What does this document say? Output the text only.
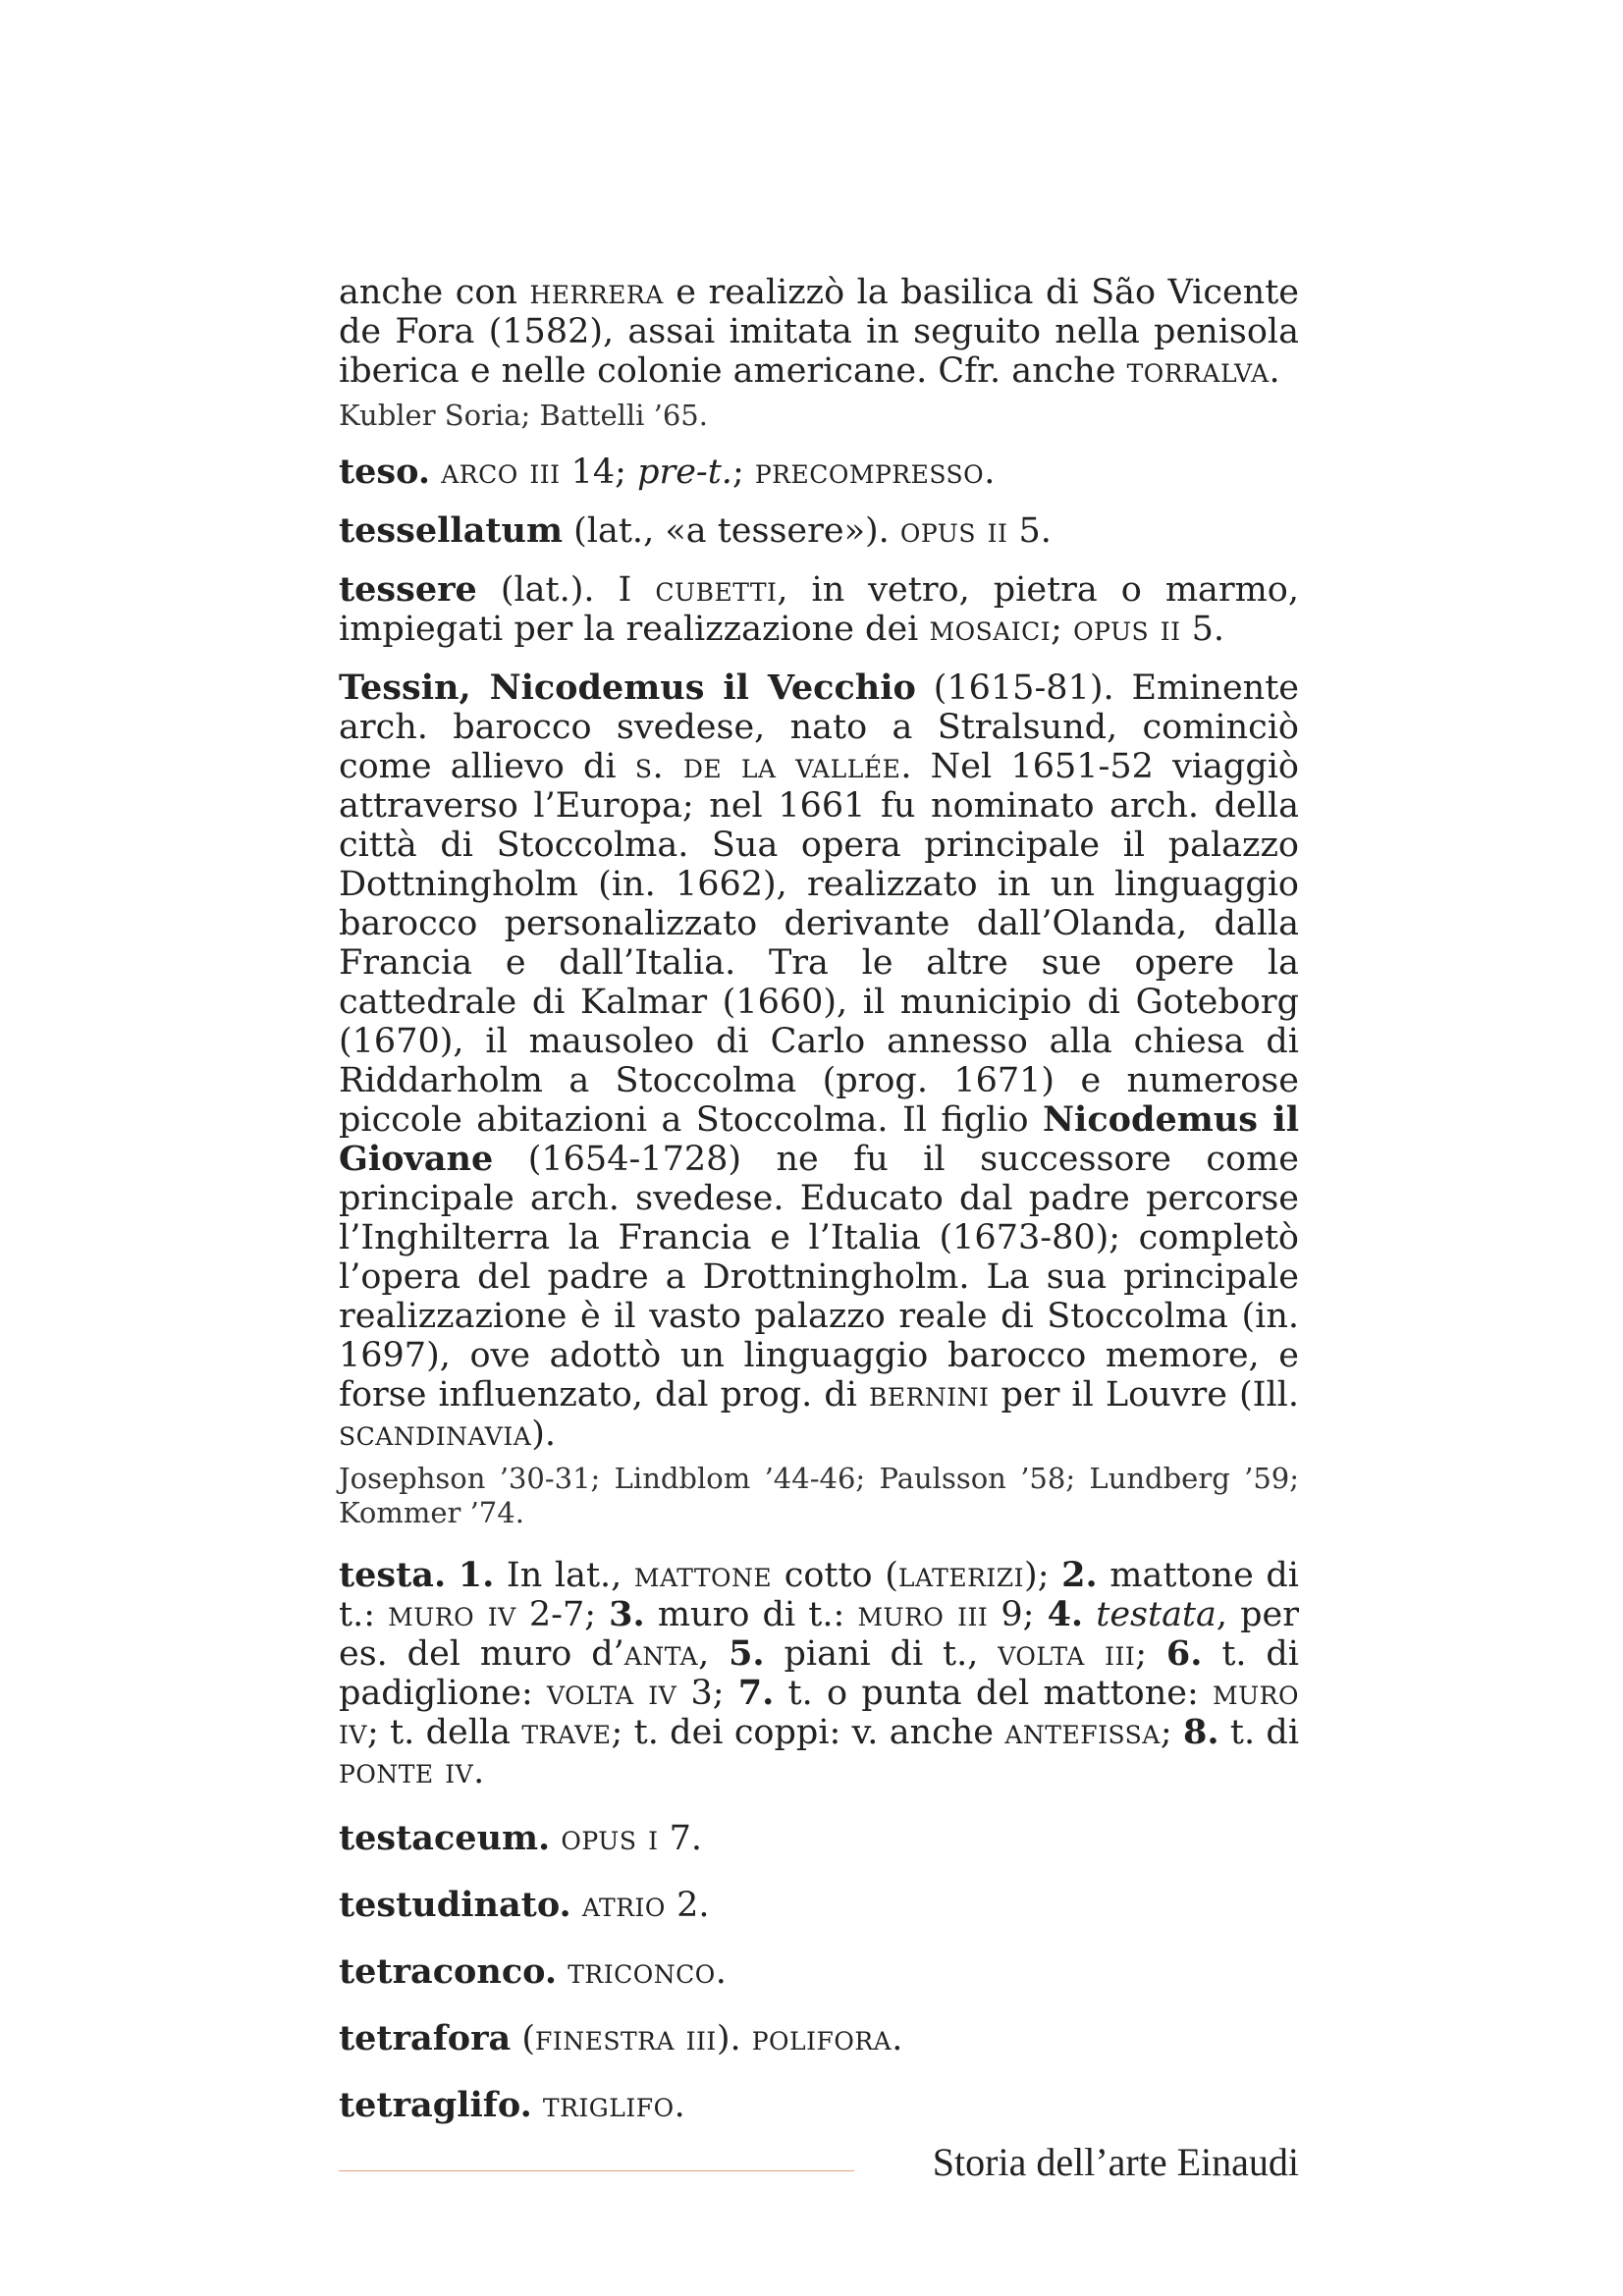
anche con herrera e realizzò la basilica di São Vicente de Fora (1582), assai imitata in seguito nella penisola iberica e nelle colonie americane. Cfr. anche torralva.

Kubler Soria; Battelli ’65.

teso. arco iii 14; pre-t.; precompresso.

tessellatum (lat., «a tessere»). opus ii 5.

tessere (lat.). I cubetti, in vetro, pietra o marmo, impiegati per la realizzazione dei mosaici; opus ii 5.

Tessin, Nicodemus il Vecchio (1615-81). Eminente arch. barocco svedese, nato a Stralsund, cominciò come allievo di s. de la vallée. Nel 1651-52 viaggiò attraverso l’Europa; nel 1661 fu nominato arch. della città di Stoccolma. Sua opera principale il palazzo Dottningholm (in. 1662), realizzato in un linguaggio barocco personalizzato derivante dall’Olanda, dalla Francia e dall’Italia. Tra le altre sue opere la cattedrale di Kalmar (1660), il municipio di Goteborg (1670), il mausoleo di Carlo annesso alla chiesa di Riddarholm a Stoccolma (prog. 1671) e numerose piccole abitazioni a Stoccolma. Il figlio Nicodemus il Giovane (1654-1728) ne fu il successore come principale arch. svedese. Educato dal padre percorse l’Inghilterra la Francia e l’Italia (1673-80); completò l’opera del padre a Drottningholm. La sua principale realizzazione è il vasto palazzo reale di Stoccolma (in. 1697), ove adottò un linguaggio barocco memore, e forse influenzato, dal prog. di bernini per il Louvre (Ill. scandinavia).

Josephson ’30-31; Lindblom ’44-46; Paulsson ’58; Lundberg ’59; Kommer ’74.

testa. 1. In lat., mattone cotto (laterizi); 2. mattone di t.: muro iv 2-7; 3. muro di t.: muro iii 9; 4. testata, per es. del muro d’anta, 5. piani di t., volta iii; 6. t. di padiglione: volta iv 3; 7. t. o punta del mattone: muro iv; t. della trave; t. dei coppi: v. anche antefissa; 8. t. di ponte iv.

testaceum. opus i 7.

testudinato. atrio 2.

tetraconco. triconco.

tetrafora (finestra iii). polifora.

tetraglifo. triglifo.

Storia dell’arte Einaudi
